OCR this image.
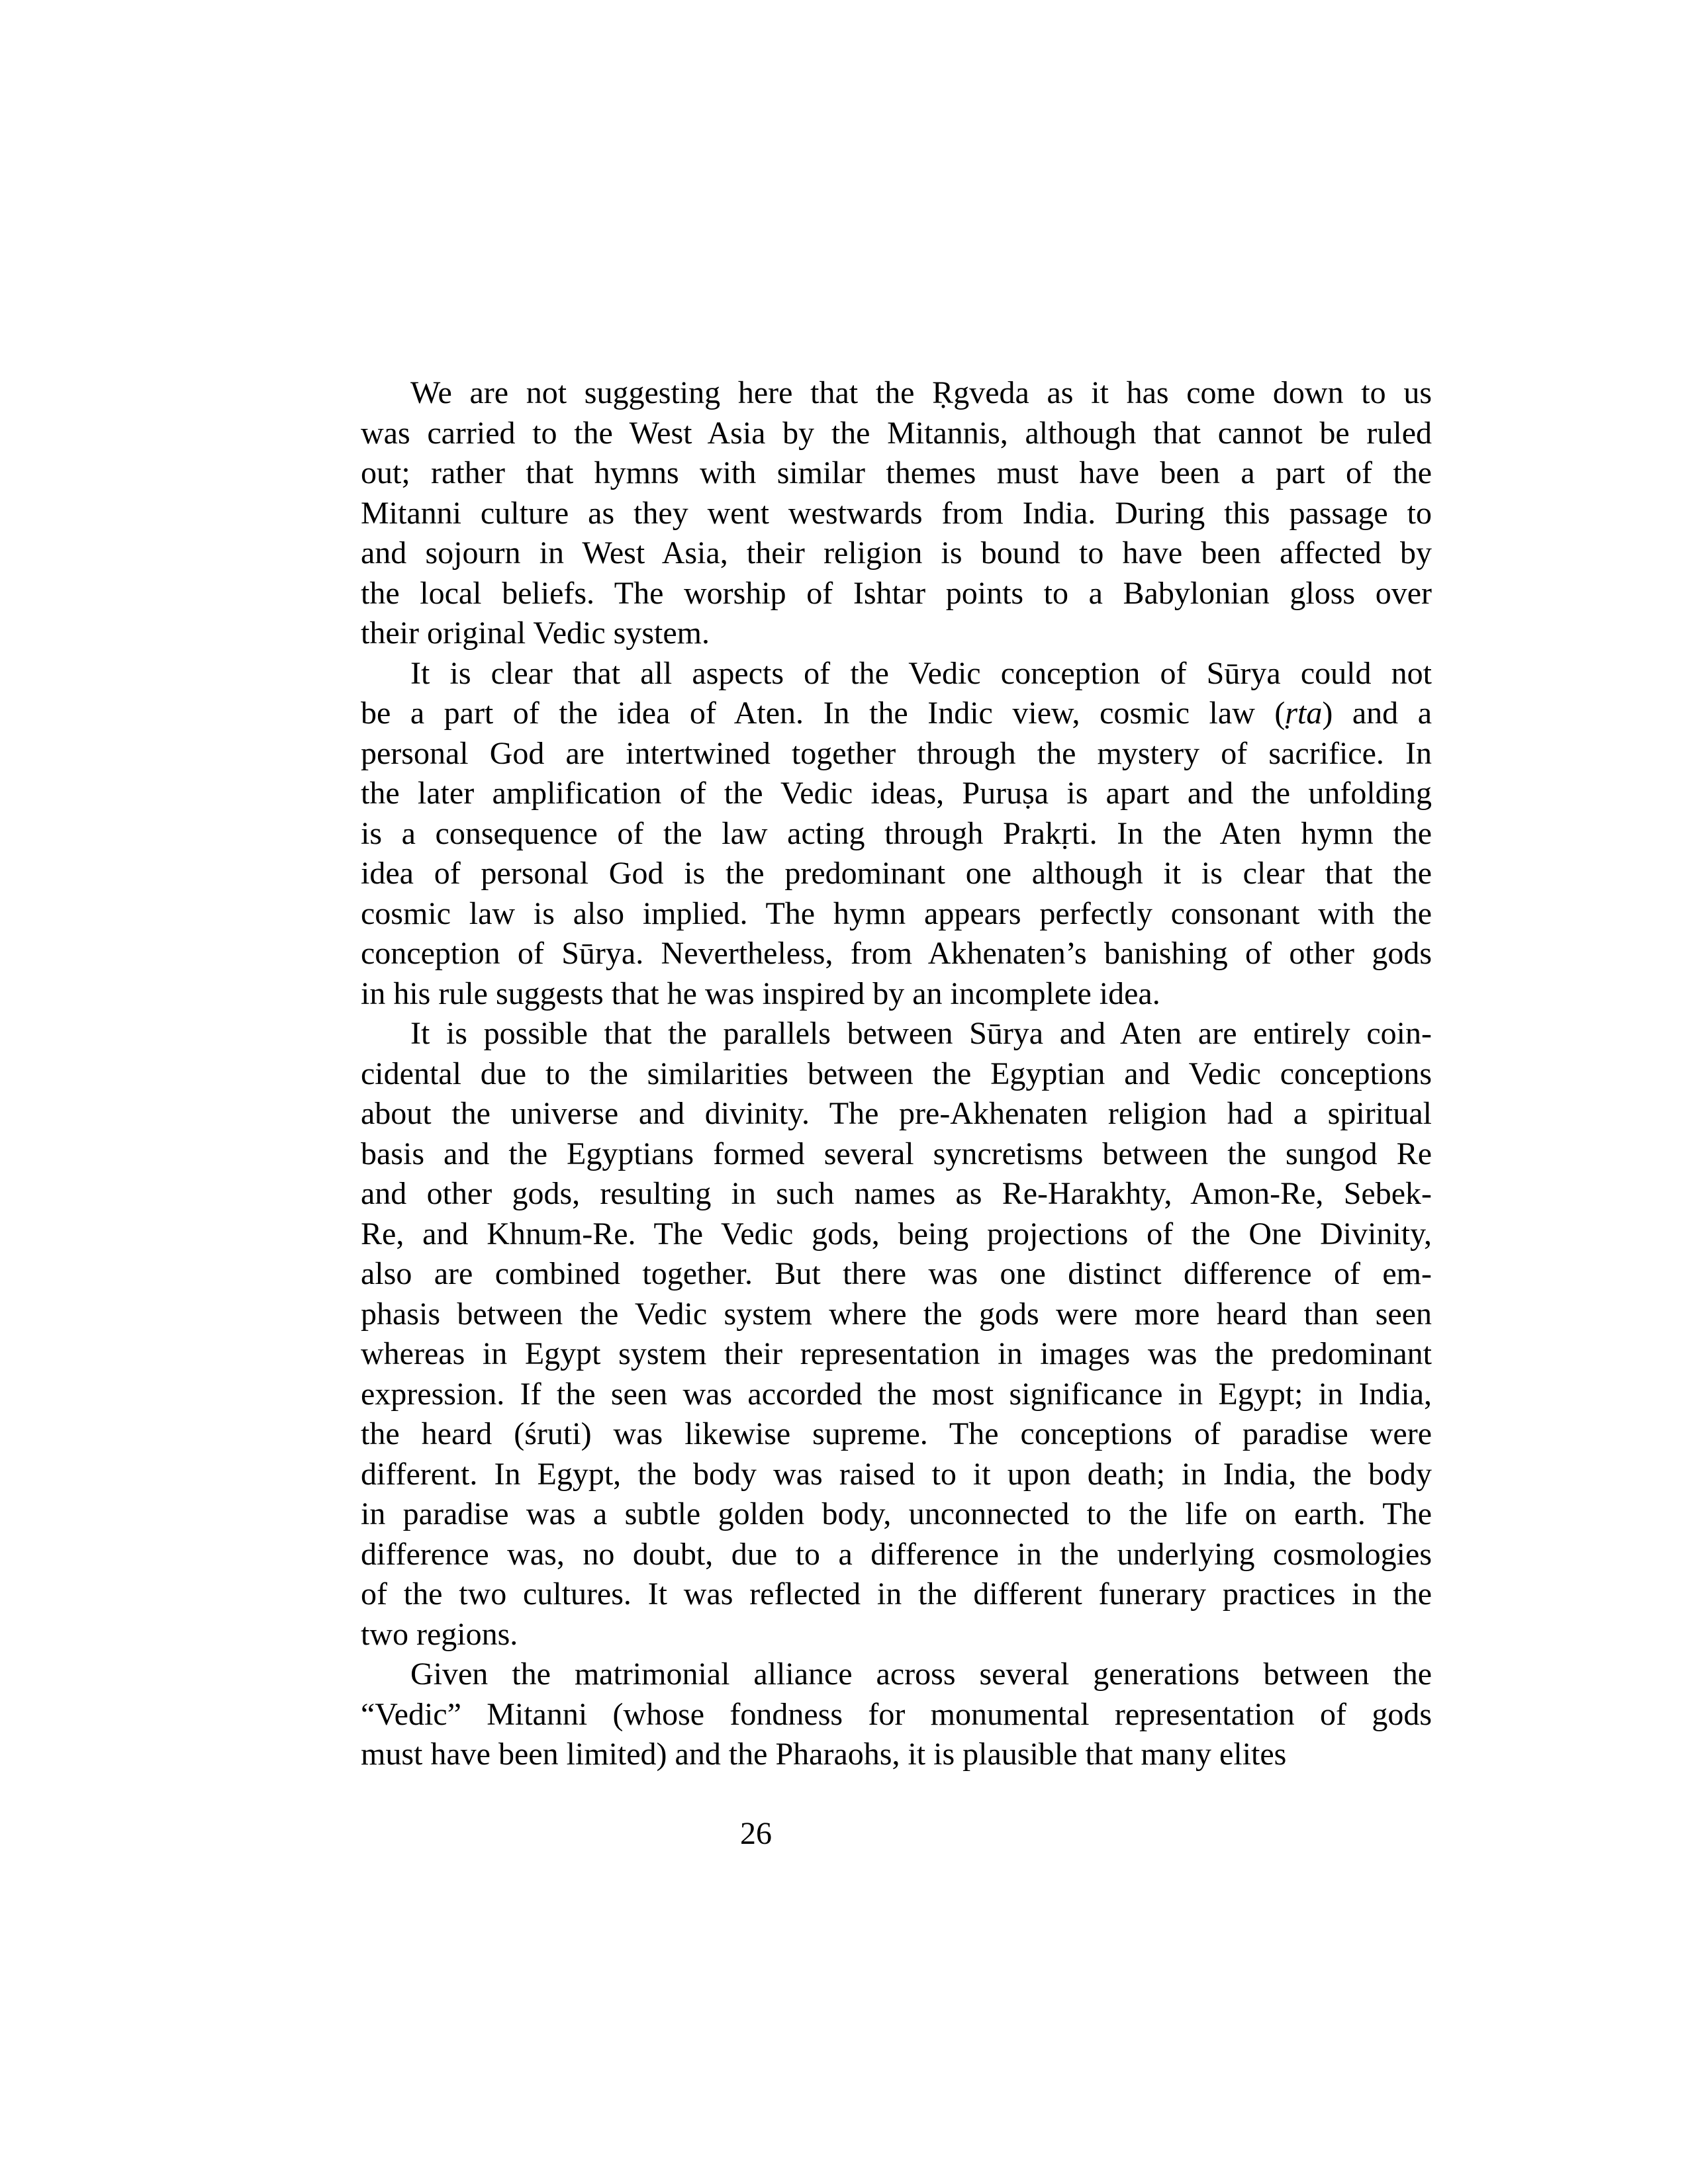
We are not suggesting here that the Ṛgveda as it has come down to us
was carried to the West Asia by the Mitannis, although that cannot be ruled
out; rather that hymns with similar themes must have been a part of the
Mitanni culture as they went westwards from India. During this passage to
and sojourn in West Asia, their religion is bound to have been affected by
the local beliefs. The worship of Ishtar points to a Babylonian gloss over
their original Vedic system.
It is clear that all aspects of the Vedic conception of Sūrya could not
be a part of the idea of Aten. In the Indic view, cosmic law (ṛta) and a
personal God are intertwined together through the mystery of sacrifice. In
the later amplification of the Vedic ideas, Puruṣa is apart and the unfolding
is a consequence of the law acting through Prakṛti. In the Aten hymn the
idea of personal God is the predominant one although it is clear that the
cosmic law is also implied. The hymn appears perfectly consonant with the
conception of Sūrya. Nevertheless, from Akhenaten’s banishing of other gods
in his rule suggests that he was inspired by an incomplete idea.
It is possible that the parallels between Sūrya and Aten are entirely coin-
cidental due to the similarities between the Egyptian and Vedic conceptions
about the universe and divinity. The pre-Akhenaten religion had a spiritual
basis and the Egyptians formed several syncretisms between the sungod Re
and other gods, resulting in such names as Re-Harakhty, Amon-Re, Sebek-
Re, and Khnum-Re. The Vedic gods, being projections of the One Divinity,
also are combined together. But there was one distinct difference of em-
phasis between the Vedic system where the gods were more heard than seen
whereas in Egypt system their representation in images was the predominant
expression. If the seen was accorded the most significance in Egypt; in India,
the heard (śruti) was likewise supreme. The conceptions of paradise were
different. In Egypt, the body was raised to it upon death; in India, the body
in paradise was a subtle golden body, unconnected to the life on earth. The
difference was, no doubt, due to a difference in the underlying cosmologies
of the two cultures. It was reflected in the different funerary practices in the
two regions.
Given the matrimonial alliance across several generations between the
“Vedic” Mitanni (whose fondness for monumental representation of gods
must have been limited) and the Pharaohs, it is plausible that many elites
26
